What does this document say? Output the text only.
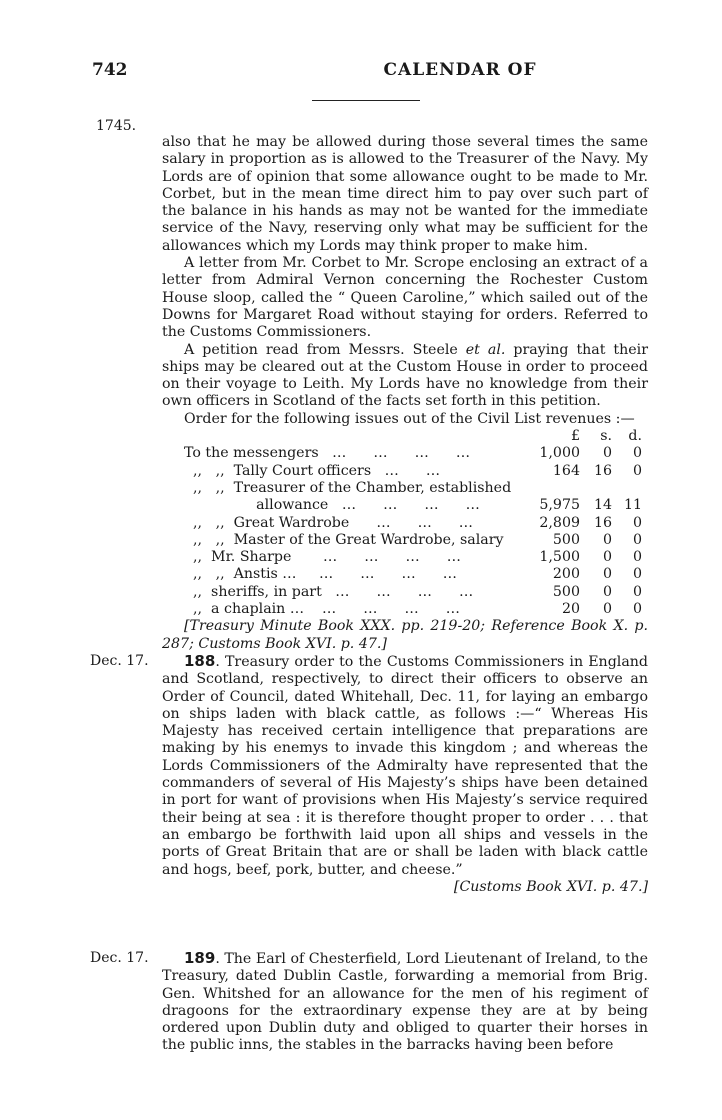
742	CALENDAR OF
1745.

also that he may be allowed during those several times the same salary in proportion as is allowed to the Treasurer of the Navy. My Lords are of opinion that some allowance ought to be made to Mr. Corbet, but in the mean time direct him to pay over such part of the balance in his hands as may not be wanted for the immediate service of the Navy, reserving only what may be sufficient for the allowances which my Lords may think proper to make him.

A letter from Mr. Corbet to Mr. Scrope enclosing an extract of a letter from Admiral Vernon concerning the Rochester Custom House sloop, called the “ Queen Caroline,” which sailed out of the Downs for Margaret Road without staying for orders. Referred to the Customs Commissioners.

A petition read from Messrs. Steele et al. praying that their ships may be cleared out at the Custom House in order to proceed on their voyage to Leith. My Lords have no knowledge from their own officers in Scotland of the facts set forth in this petition.

Order for the following issues out of the Civil List revenues :—

	£	s.	d.
To the messengers   …      …      …      …	1,000	0	0
,,   ,,  Tally Court officers   …      …	164	16	0
,,   ,,  Treasurer of the Chamber, established			
allowance   …      …      …      …	5,975	14	11
,,   ,,  Great Wardrobe      …      …      …	2,809	16	0
,,   ,,  Master of the Great Wardrobe, salary	500	0	0
,,  Mr. Sharpe       …      …      …      …	1,500	0	0
,,   ,,  Anstis …     …      …      …      …	200	0	0
,,  sheriffs, in part   …      …      …      …	500	0	0
,,  a chaplain …    …      …      …      …	20	0	0

[Treasury Minute Book XXX. pp. 219-20; Reference Book X. p. 287; Customs Book XVI. p. 47.]

Dec. 17.	188. Treasury order to the Customs Commissioners in England and Scotland, respectively, to direct their officers to observe an Order of Council, dated Whitehall, Dec. 11, for laying an embargo on ships laden with black cattle, as follows :—“ Whereas His Majesty has received certain intelligence that preparations are making by his enemys to invade this kingdom ; and whereas the Lords Commissioners of the Admiralty have represented that the commanders of several of His Majesty’s ships have been detained in port for want of provisions when His Majesty’s service required their being at sea : it is therefore thought proper to order . . . that an embargo be forthwith laid upon all ships and vessels in the ports of Great Britain that are or shall be laden with black cattle and hogs, beef, pork, butter, and cheese.”

[Customs Book XVI. p. 47.]

Dec. 17.	189. The Earl of Chesterfield, Lord Lieutenant of Ireland, to the Treasury, dated Dublin Castle, forwarding a memorial from Brig. Gen. Whitshed for an allowance for the men of his regiment of dragoons for the extraordinary expense they are at by being ordered upon Dublin duty and obliged to quarter their horses in the public inns, the stables in the barracks having been before
